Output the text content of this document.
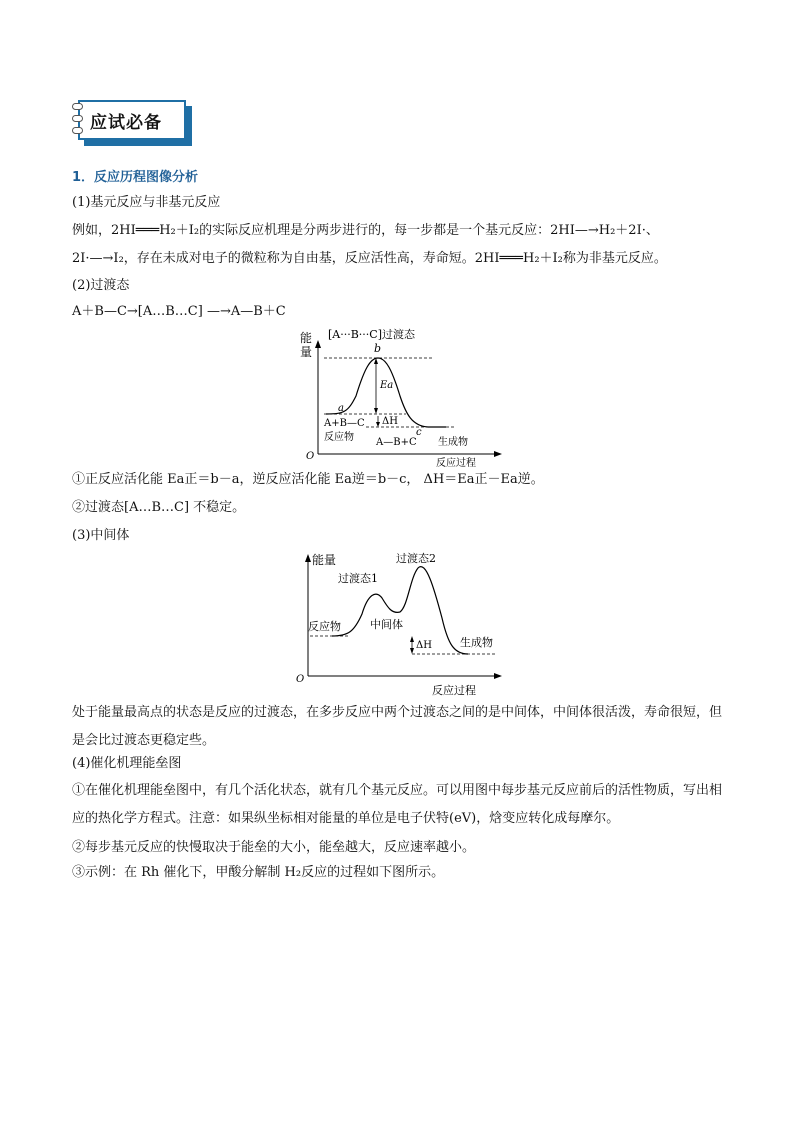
应试必备
1．反应历程图像分析
(1)基元反应与非基元反应
例如，2HI═══H₂＋I₂的实际反应机理是分两步进行的，每一步都是一个基元反应：2HI—→H₂＋2I·、
2I·—→I₂，存在未成对电子的微粒称为自由基，反应活性高，寿命短。2HI═══H₂＋I₂称为非基元反应。
(2)过渡态
A＋B—C→[A…B…C] —→A—B＋C
能
量
[A···B···C]过渡态
b
a
c
Ea
ΔH
A+B—C
反应物 A—B+C 生成物
O
反应过程
①正反应活化能 Ea正＝b－a，逆反应活化能 Ea逆＝b－c， ΔH＝Ea正－Ea逆。
②过渡态[A…B…C] 不稳定。
(3)中间体
能量	过渡态2
过渡态1
反应物	中间体
ΔH	生成物
O
反应过程
处于能量最高点的状态是反应的过渡态，在多步反应中两个过渡态之间的是中间体，中间体很活泼，寿命很短，但是会比过渡态更稳定些。
(4)催化机理能垒图
①在催化机理能垒图中，有几个活化状态，就有几个基元反应。可以用图中每步基元反应前后的活性物质，写出相应的热化学方程式。注意：如果纵坐标相对能量的单位是电子伏特(eV)，焓变应转化成每摩尔。
②每步基元反应的快慢取决于能垒的大小，能垒越大，反应速率越小。
③示例：在 Rh 催化下，甲酸分解制 H₂反应的过程如下图所示。
